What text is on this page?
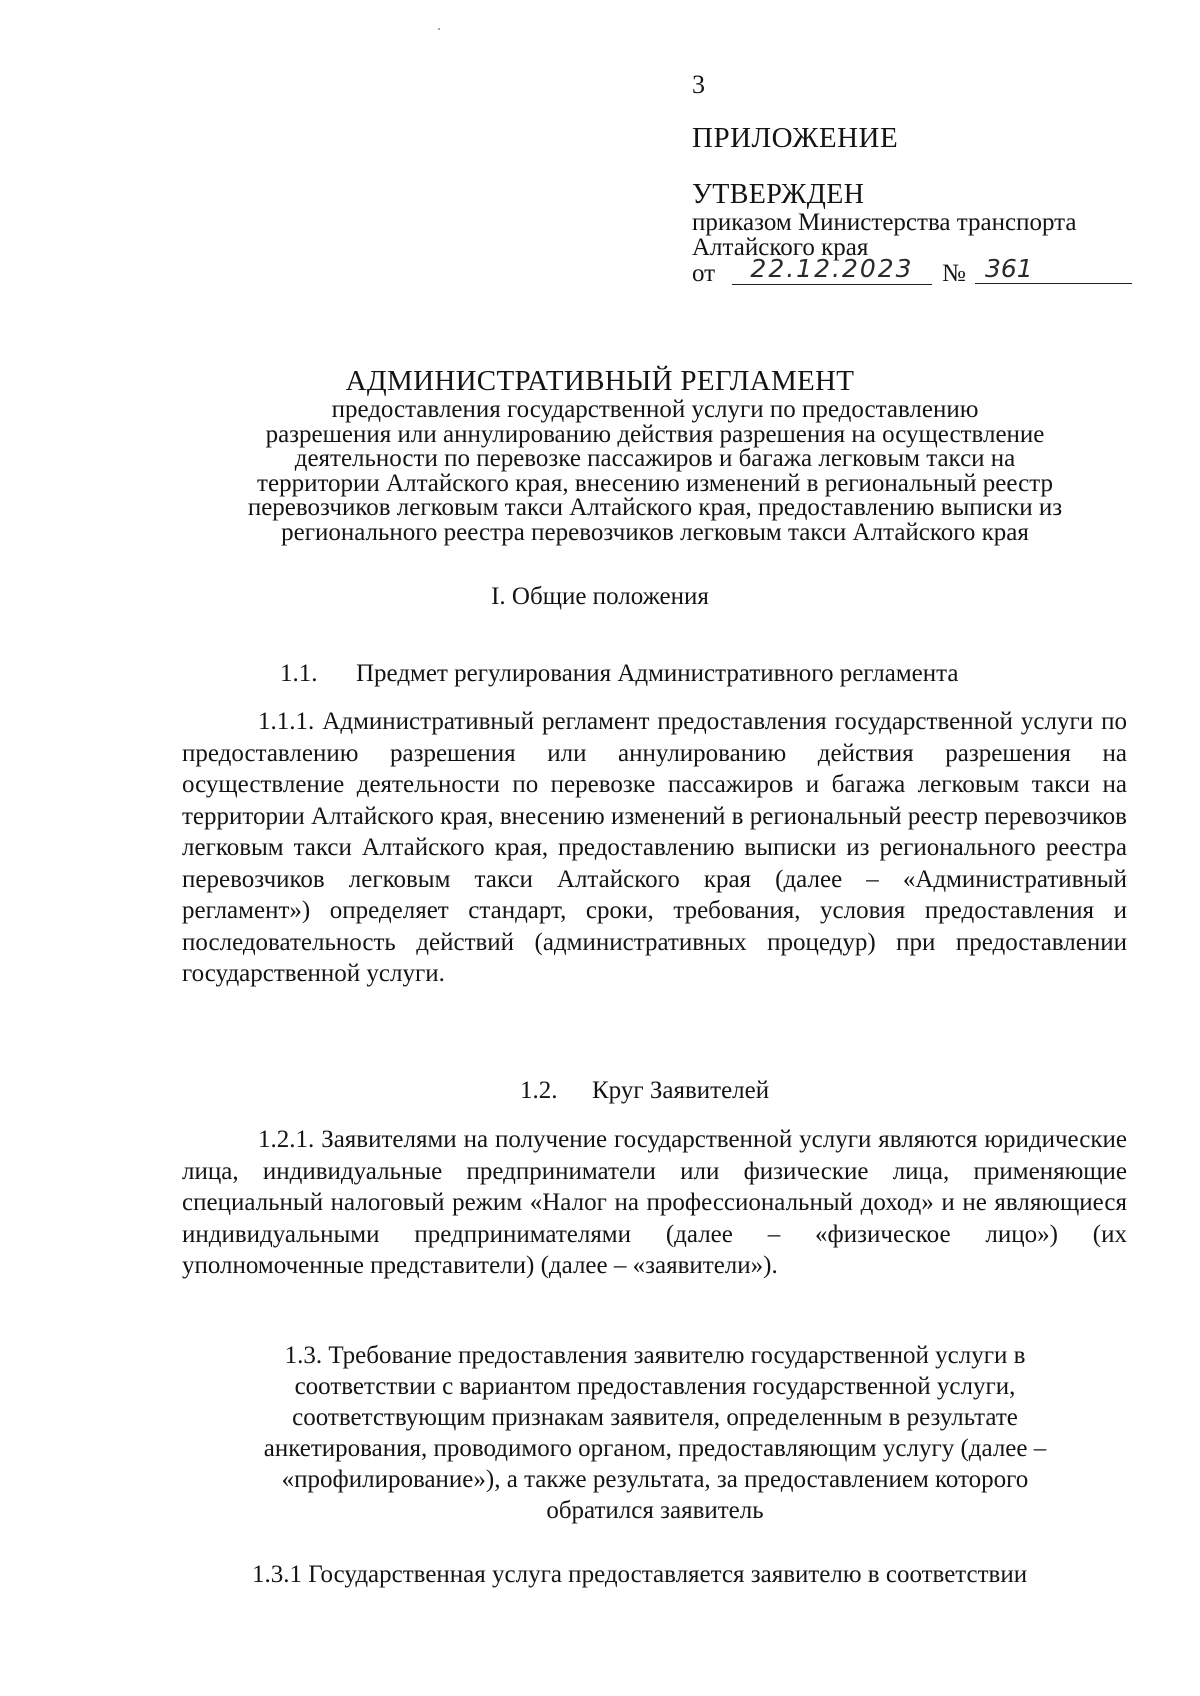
3
ПРИЛОЖЕНИЕ
УТВЕРЖДЕН
приказом Министерства транспорта
Алтайского края
от	22.12.2023	№ 361
АДМИНИСТРАТИВНЫЙ РЕГЛАМЕНТ
предоставления государственной услуги по предоставлению
разрешения или аннулированию действия разрешения на осуществление
деятельности по перевозке пассажиров и багажа легковым такси на
территории Алтайского края, внесению изменений в региональный реестр
перевозчиков легковым такси Алтайского края, предоставлению выписки из
регионального реестра перевозчиков легковым такси Алтайского края
I. Общие положения
1.1. Предмет регулирования Административного регламента
1.1.1. Административный регламент предоставления государственной услуги по предоставлению разрешения или аннулированию действия разрешения на осуществление деятельности по перевозке пассажиров и багажа легковым такси на территории Алтайского края, внесению изменений в региональный реестр перевозчиков легковым такси Алтайского края, предоставлению выписки из регионального реестра перевозчиков легковым такси Алтайского края (далее – «Административный регламент») определяет стандарт, сроки, требования, условия предоставления и последовательность действий (административных процедур) при предоставлении государственной услуги.
1.2. Круг Заявителей
1.2.1. Заявителями на получение государственной услуги являются юридические лица, индивидуальные предприниматели или физические лица, применяющие специальный налоговый режим «Налог на профессиональный доход» и не являющиеся индивидуальными предпринимателями (далее – «физическое лицо») (их уполномоченные представители) (далее – «заявители»).
1.3. Требование предоставления заявителю государственной услуги в
соответствии с вариантом предоставления государственной услуги,
соответствующим признакам заявителя, определенным в результате
анкетирования, проводимого органом, предоставляющим услугу (далее –
«профилирование»), а также результата, за предоставлением которого
обратился заявитель
1.3.1 Государственная услуга предоставляется заявителю в соответствии
